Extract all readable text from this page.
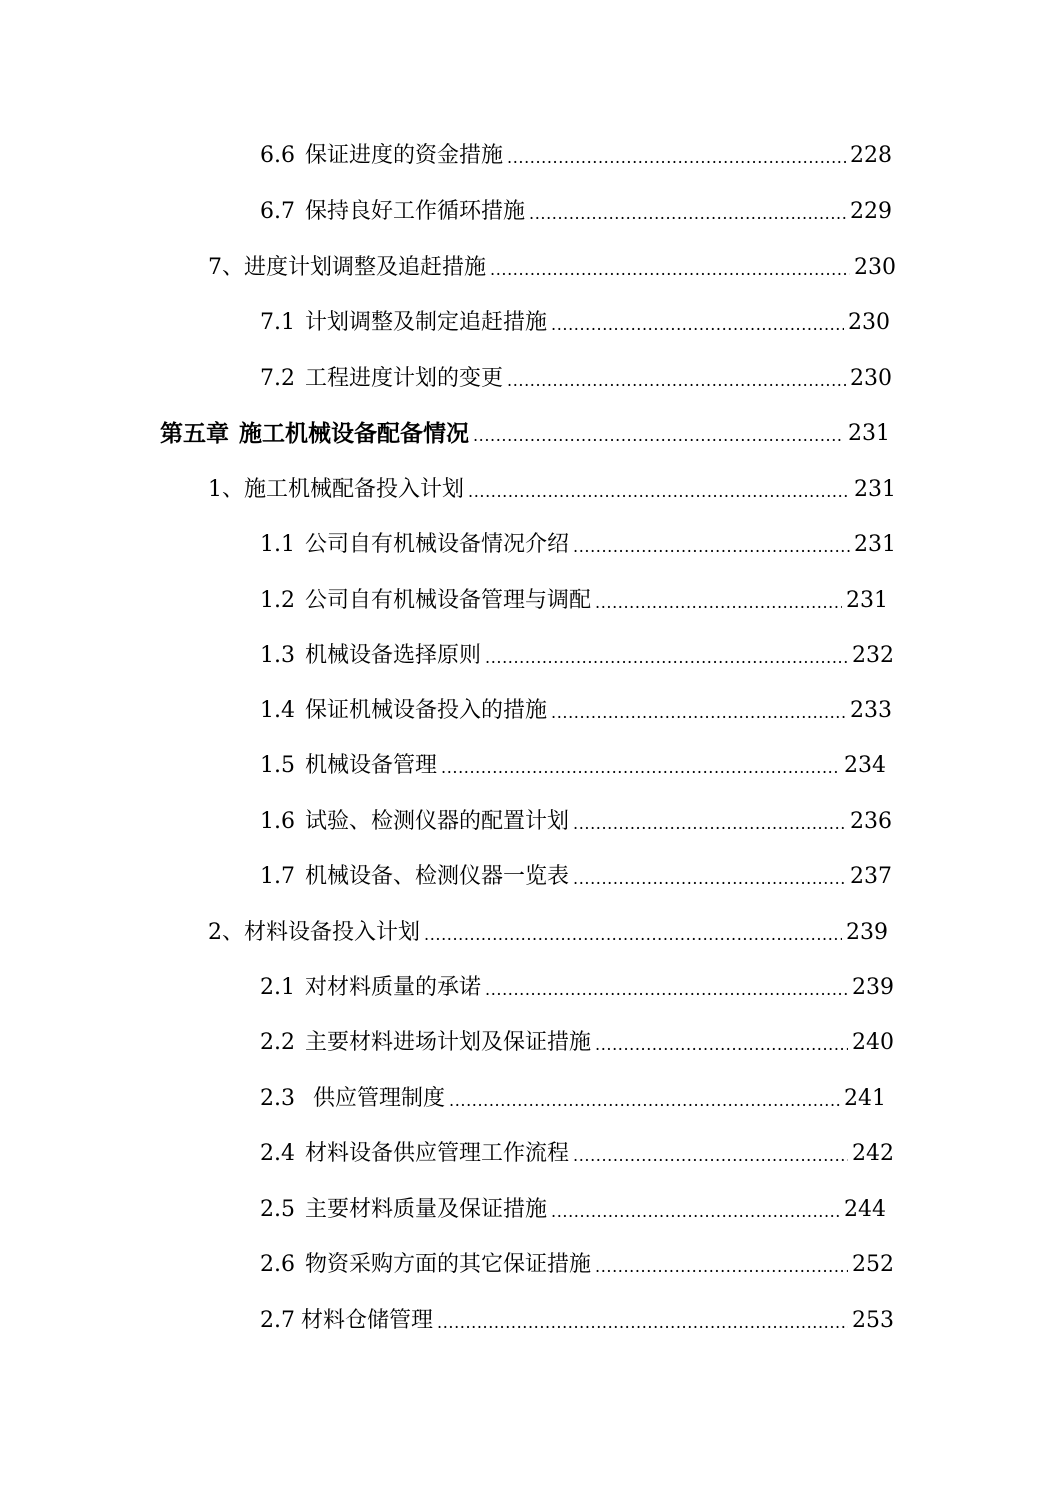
6.6 保证进度的资金措施 .....	228
6.7 保持良好工作循环措施 .....	229
7、进度计划调整及追赶措施 .....	230
7.1 计划调整及制定追赶措施 .....	230
7.2 工程进度计划的变更 .....	230
第五章 施工机械设备配备情况 .....	231
1、施工机械配备投入计划 .....	231
1.1 公司自有机械设备情况介绍 .....	231
1.2 公司自有机械设备管理与调配 .....	231
1.3 机械设备选择原则 .....	232
1.4 保证机械设备投入的措施 .....	233
1.5 机械设备管理 .....	234
1.6 试验、检测仪器的配置计划 .....	236
1.7 机械设备、检测仪器一览表 .....	237
2、材料设备投入计划 .....	239
2.1 对材料质量的承诺 .....	239
2.2 主要材料进场计划及保证措施 .....	240
2.3 供应管理制度 .....	241
2.4 材料设备供应管理工作流程 .....	242
2.5 主要材料质量及保证措施 .....	244
2.6 物资采购方面的其它保证措施 .....	252
2.7 材料仓储管理 .....	253
